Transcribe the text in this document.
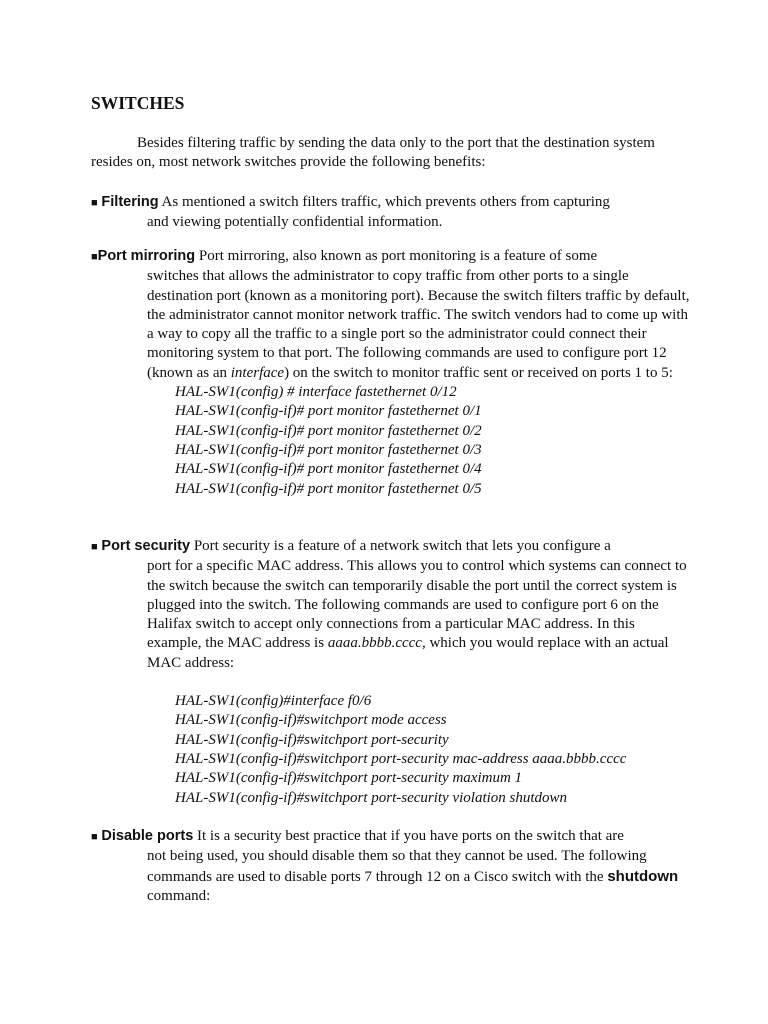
SWITCHES
Besides filtering traffic by sending the data only to the port that the destination system resides on, most network switches provide the following benefits:
■ Filtering As mentioned a switch filters traffic, which prevents others from capturing
and viewing potentially confidential information.
■Port mirroring Port mirroring, also known as port monitoring is a feature of some
switches that allows the administrator to copy traffic from other ports to a single destination port (known as a monitoring port). Because the switch filters traffic by default, the administrator cannot monitor network traffic. The switch vendors had to come up with a way to copy all the traffic to a single port so the administrator could connect their monitoring system to that port. The following commands are used to configure port 12 (known as an interface) on the switch to monitor traffic sent or received on ports 1 to 5:
HAL-SW1(config) # interface fastethernet 0/12
HAL-SW1(config-if)# port monitor fastethernet 0/1
HAL-SW1(config-if)# port monitor fastethernet 0/2
HAL-SW1(config-if)# port monitor fastethernet 0/3
HAL-SW1(config-if)# port monitor fastethernet 0/4
HAL-SW1(config-if)# port monitor fastethernet 0/5
■ Port security Port security is a feature of a network switch that lets you configure a
port for a specific MAC address. This allows you to control which systems can connect to the switch because the switch can temporarily disable the port until the correct system is plugged into the switch. The following commands are used to configure port 6 on the Halifax switch to accept only connections from a particular MAC address. In this example, the MAC address is aaaa.bbbb.cccc, which you would replace with an actual MAC address:
HAL-SW1(config)#interface f0/6
HAL-SW1(config-if)#switchport mode access
HAL-SW1(config-if)#switchport port-security
HAL-SW1(config-if)#switchport port-security mac-address aaaa.bbbb.cccc
HAL-SW1(config-if)#switchport port-security maximum 1
HAL-SW1(config-if)#switchport port-security violation shutdown
■ Disable ports It is a security best practice that if you have ports on the switch that are
not being used, you should disable them so that they cannot be used. The following commands are used to disable ports 7 through 12 on a Cisco switch with the shutdown command:
